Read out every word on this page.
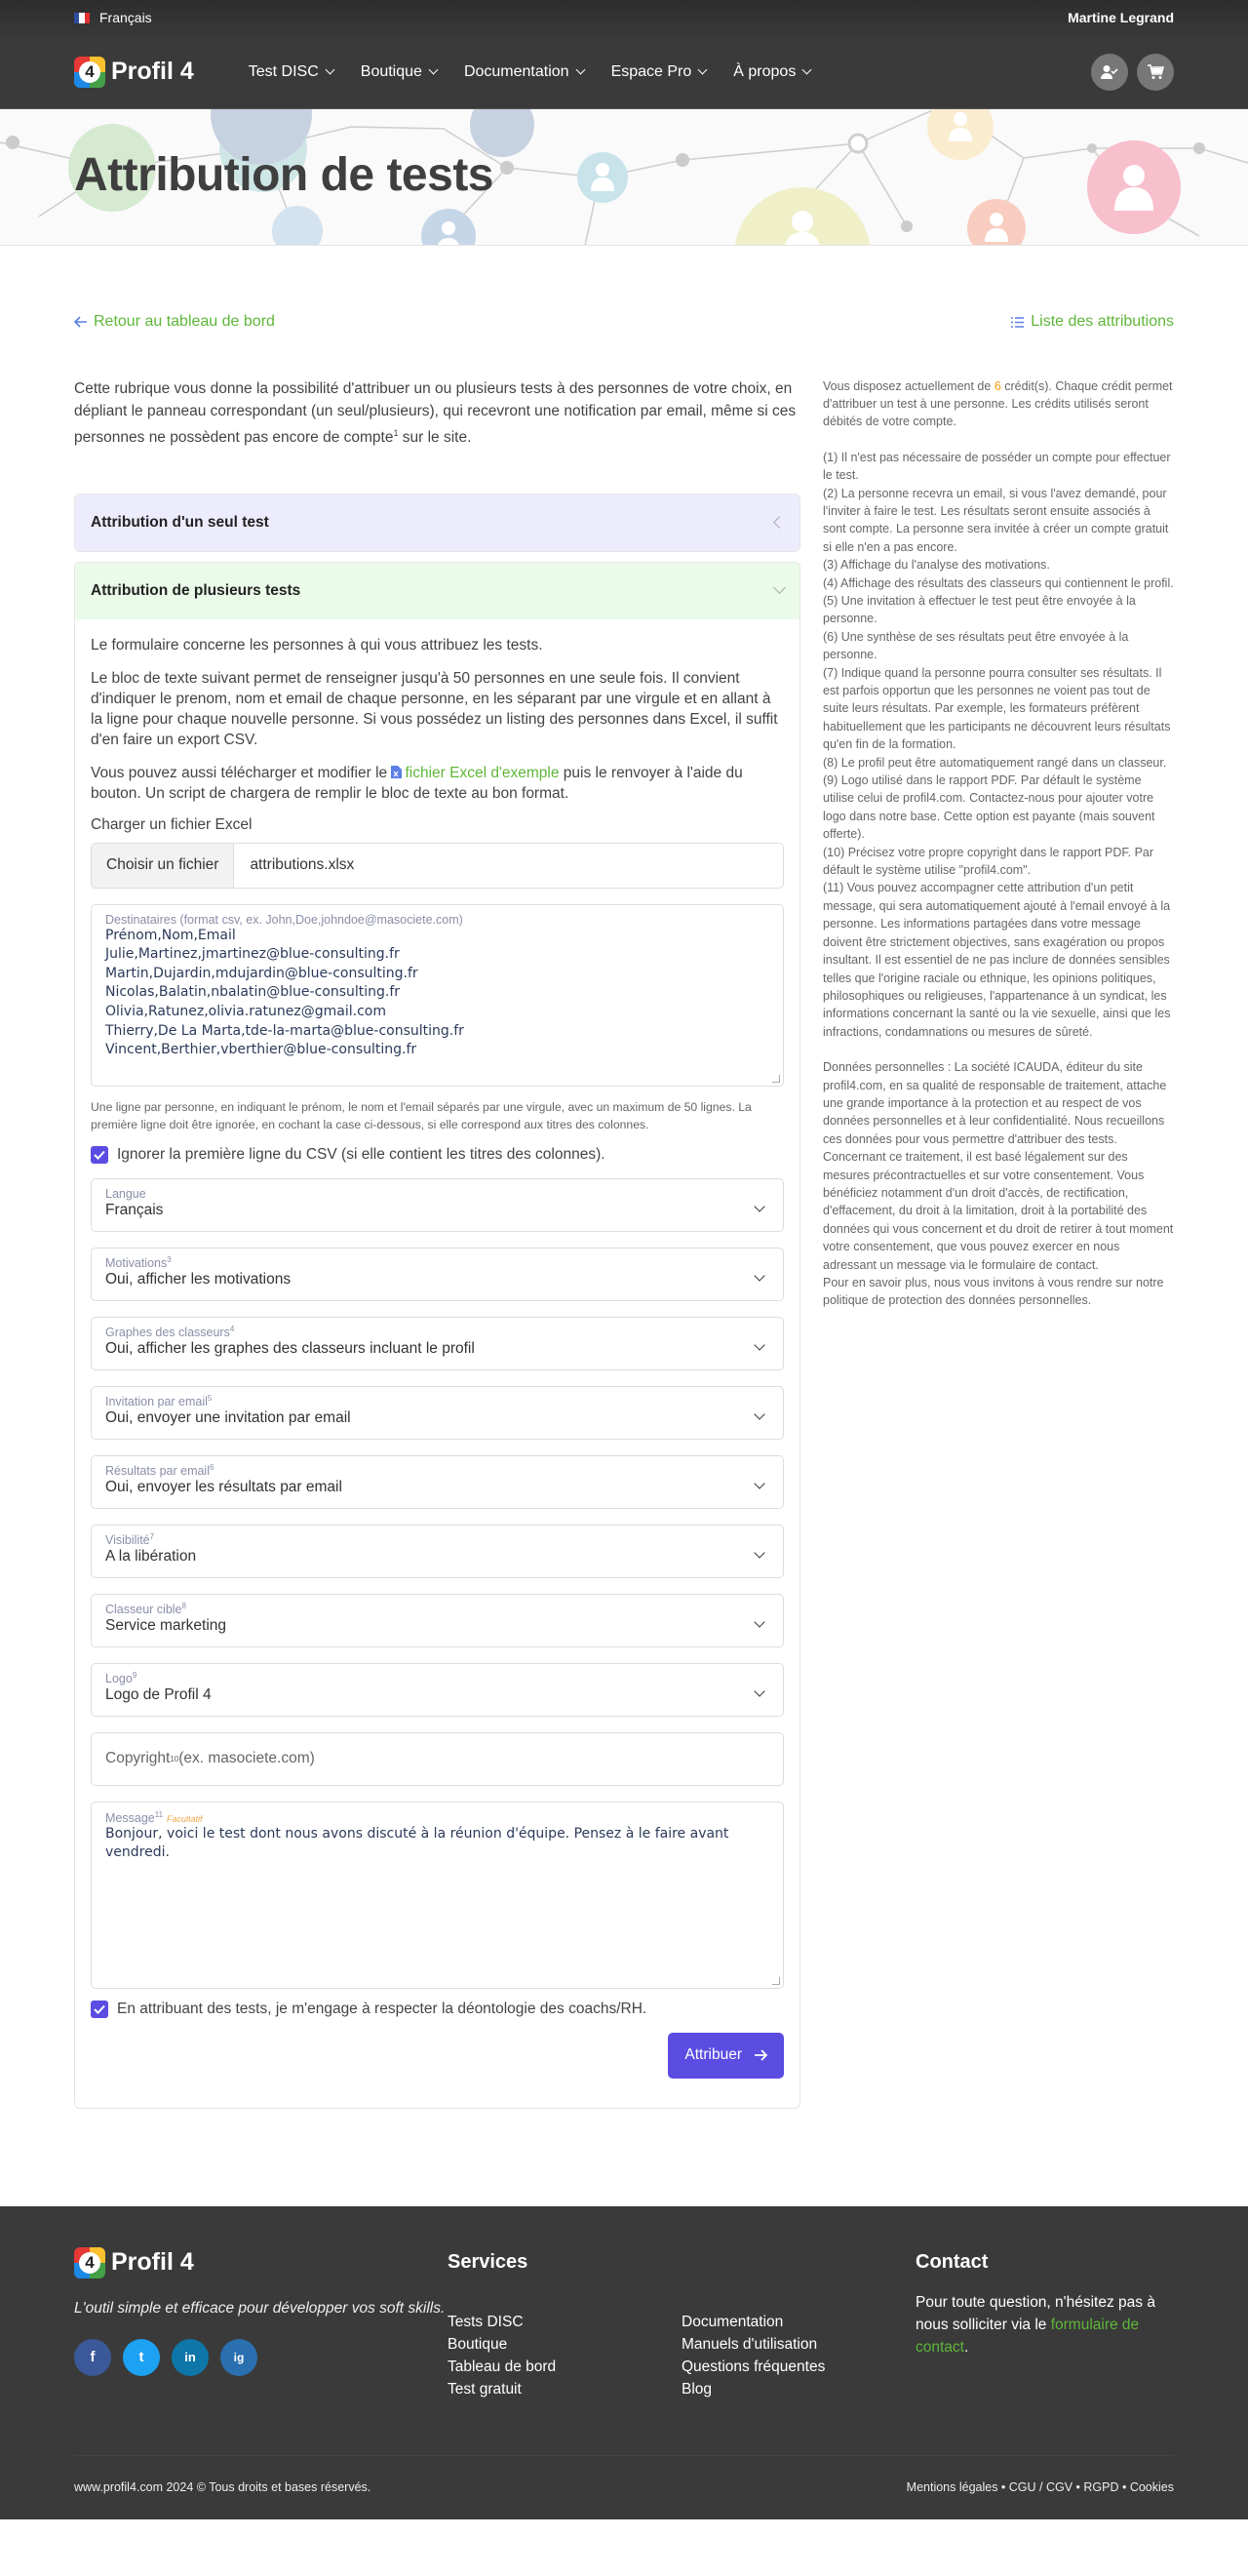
Français	Martine Legrand
4 Profil 4	Test DISC	Boutique	Documentation	Espace Pro	À propos
Attribution de tests
Retour au tableau de bord	Liste des attributions

Cette rubrique vous donne la possibilité d'attribuer un ou plusieurs tests à des personnes de votre choix, en dépliant le panneau correspondant (un seul/plusieurs), qui recevront une notification par email, même si ces personnes ne possèdent pas encore de compte$^1$ sur le site.

Attribution d'un seul test
Attribution de plusieurs tests

Le formulaire concerne les personnes à qui vous attribuez les tests.

Le bloc de texte suivant permet de renseigner jusqu'à 50 personnes en une seule fois. Il convient d'indiquer le prenom, nom et email de chaque personne, en les séparant par une virgule et en allant à la ligne pour chaque nouvelle personne. Si vous possédez un listing des personnes dans Excel, il suffit d'en faire un export CSV.

Vous pouvez aussi télécharger et modifier le fichier Excel d'exemple puis le renvoyer à l'aide du bouton. Un script de chargera de remplir le bloc de texte au bon format.

Charger un fichier Excel
Choisir un fichier	attributions.xlsx
Destinataires (format csv, ex. John,Doe,johndoe@masociete.com)
Prénom,Nom,Email
Julie,Martinez,jmartinez@blue-consulting.fr
Martin,Dujardin,mdujardin@blue-consulting.fr
Nicolas,Balatin,nbalatin@blue-consulting.fr
Olivia,Ratunez,olivia.ratunez@gmail.com
Thierry,De La Marta,tde-la-marta@blue-consulting.fr
Vincent,Berthier,vberthier@blue-consulting.fr
Une ligne par personne, en indiquant le prénom, le nom et l'email séparés par une virgule, avec un maximum de 50 lignes. La première ligne doit être ignorée, en cochant la case ci-dessous, si elle correspond aux titres des colonnes.
Ignorer la première ligne du CSV (si elle contient les titres des colonnes).
Langue
Français
Motivations$^3$
Oui, afficher les motivations
Graphes des classeurs$^4$
Oui, afficher les graphes des classeurs incluant le profil
Invitation par email$^5$
Oui, envoyer une invitation par email
Résultats par email$^6$
Oui, envoyer les résultats par email
Visibilité$^7$
A la libération
Classeur cible$^8$
Service marketing
Logo$^9$
Logo de Profil 4
Copyright 10 (ex. masociete.com)
Message$^{11}$ Facultatif
Bonjour, voici le test dont nous avons discuté à la réunion d'équipe. Pensez à le faire avant vendredi.
En attribuant des tests, je m'engage à respecter la déontologie des coachs/RH.
Attribuer

Vous disposez actuellement de 6 crédit(s). Chaque crédit permet d'attribuer un test à une personne. Les crédits utilisés seront débités de votre compte.

(1) Il n'est pas nécessaire de posséder un compte pour effectuer le test.

(2) La personne recevra un email, si vous l'avez demandé, pour l'inviter à faire le test. Les résultats seront ensuite associés à sont compte. La personne sera invitée à créer un compte gratuit si elle n'en a pas encore.

(3) Affichage du l'analyse des motivations.

(4) Affichage des résultats des classeurs qui contiennent le profil.

(5) Une invitation à effectuer le test peut être envoyée à la personne.

(6) Une synthèse de ses résultats peut être envoyée à la personne.

(7) Indique quand la personne pourra consulter ses résultats. Il est parfois opportun que les personnes ne voient pas tout de suite leurs résultats. Par exemple, les formateurs préfèrent habituellement que les participants ne découvrent leurs résultats qu'en fin de la formation.

(8) Le profil peut être automatiquement rangé dans un classeur.

(9) Logo utilisé dans le rapport PDF. Par défault le système utilise celui de profil4.com. Contactez-nous pour ajouter votre logo dans notre base. Cette option est payante (mais souvent offerte).

(10) Précisez votre propre copyright dans le rapport PDF. Par défault le système utilise "profil4.com".

(11) Vous pouvez accompagner cette attribution d'un petit message, qui sera automatiquement ajouté à l'email envoyé à la personne. Les informations partagées dans votre message doivent être strictement objectives, sans exagération ou propos insultant. Il est essentiel de ne pas inclure de données sensibles telles que l'origine raciale ou ethnique, les opinions politiques, philosophiques ou religieuses, l'appartenance à un syndicat, les informations concernant la santé ou la vie sexuelle, ainsi que les infractions, condamnations ou mesures de sûreté.

Données personnelles : La société ICAUDA, éditeur du site profil4.com, en sa qualité de responsable de traitement, attache une grande importance à la protection et au respect de vos données personnelles et à leur confidentialité. Nous recueillons ces données pour vous permettre d'attribuer des tests. Concernant ce traitement, il est basé légalement sur des mesures précontractuelles et sur votre consentement. Vous bénéficiez notamment d'un droit d'accès, de rectification, d'effacement, du droit à la limitation, droit à la portabilité des données qui vous concernent et du droit de retirer à tout moment votre consentement, que vous pouvez exercer en nous adressant un message via le formulaire de contact.

Pour en savoir plus, nous vous invitons à vous rendre sur notre politique de protection des données personnelles.

4 Profil 4
L'outil simple et efficace pour développer vos soft skills.
f	t	in	ig
Services
Tests DISC
Boutique
Tableau de bord
Test gratuit
Documentation
Manuels d'utilisation
Questions fréquentes
Blog
Contact

Pour toute question, n'hésitez pas à nous solliciter via le formulaire de contact.

www.profil4.com 2024 © Tous droits et bases réservés.	Mentions légales • CGU / CGV • RGPD • Cookies
